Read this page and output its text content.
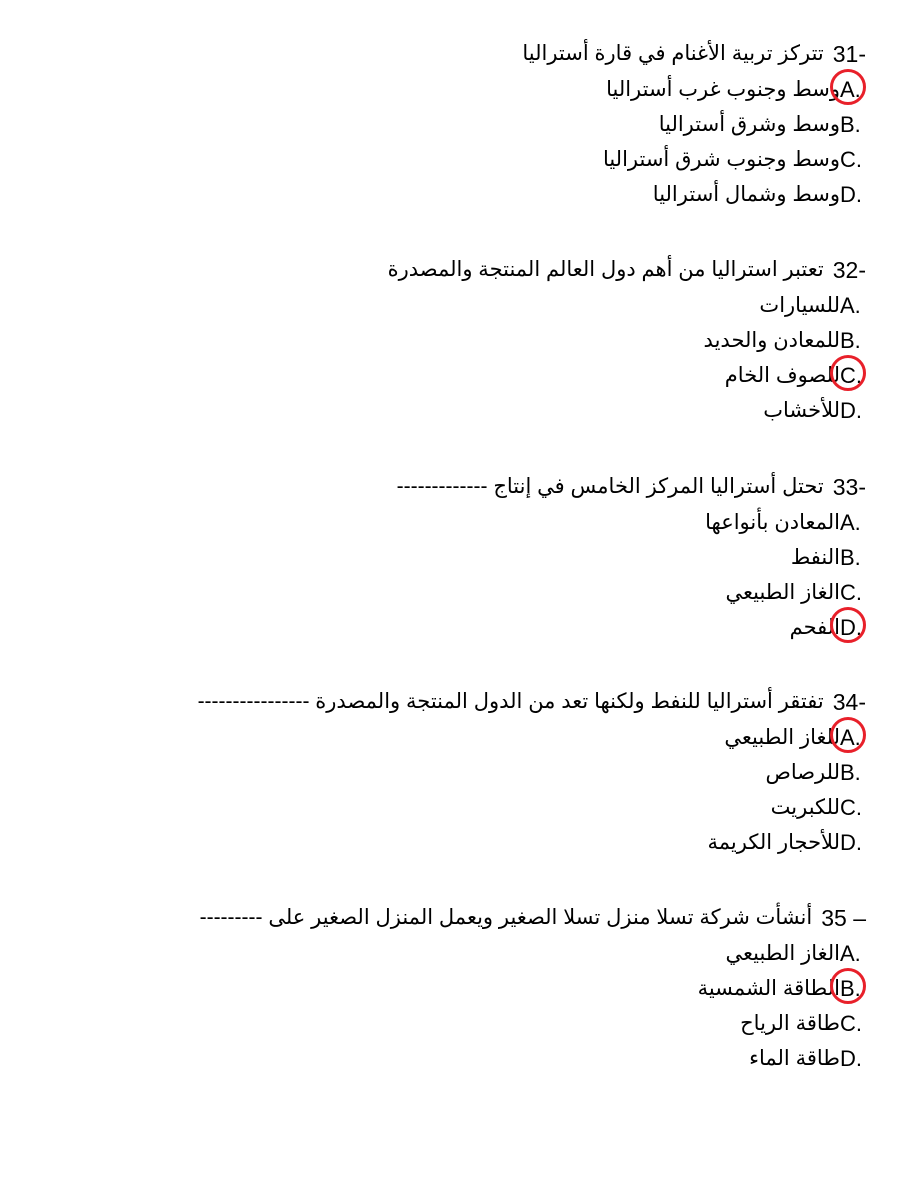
31-
تتركز تربية الأغنام في قارة أستراليا
A.
وسط وجنوب غرب أستراليا
B.
وسط وشرق أستراليا
C.
وسط وجنوب شرق أستراليا
D.
وسط وشمال أستراليا
32-
تعتبر استراليا من أهم دول العالم المنتجة والمصدرة
A.
للسيارات
B.
للمعادن والحديد
C.
للصوف الخام
D.
للأخشاب
33-
تحتل أستراليا المركز الخامس في إنتاج -------------
A.
المعادن بأنواعها
B.
النفط
C.
الغاز الطبيعي
D.
الفحم
34-
تفتقر أستراليا للنفط ولكنها تعد من الدول المنتجة والمصدرة ----------------
A.
للغاز الطبيعي
B.
للرصاص
C.
للكبريت
D.
للأحجار الكريمة
35 –
أنشأت شركة تسلا منزل تسلا الصغير ويعمل المنزل الصغير على ---------
A.
الغاز الطبيعي
B.
الطاقة الشمسية
C.
طاقة الرياح
D.
طاقة الماء
